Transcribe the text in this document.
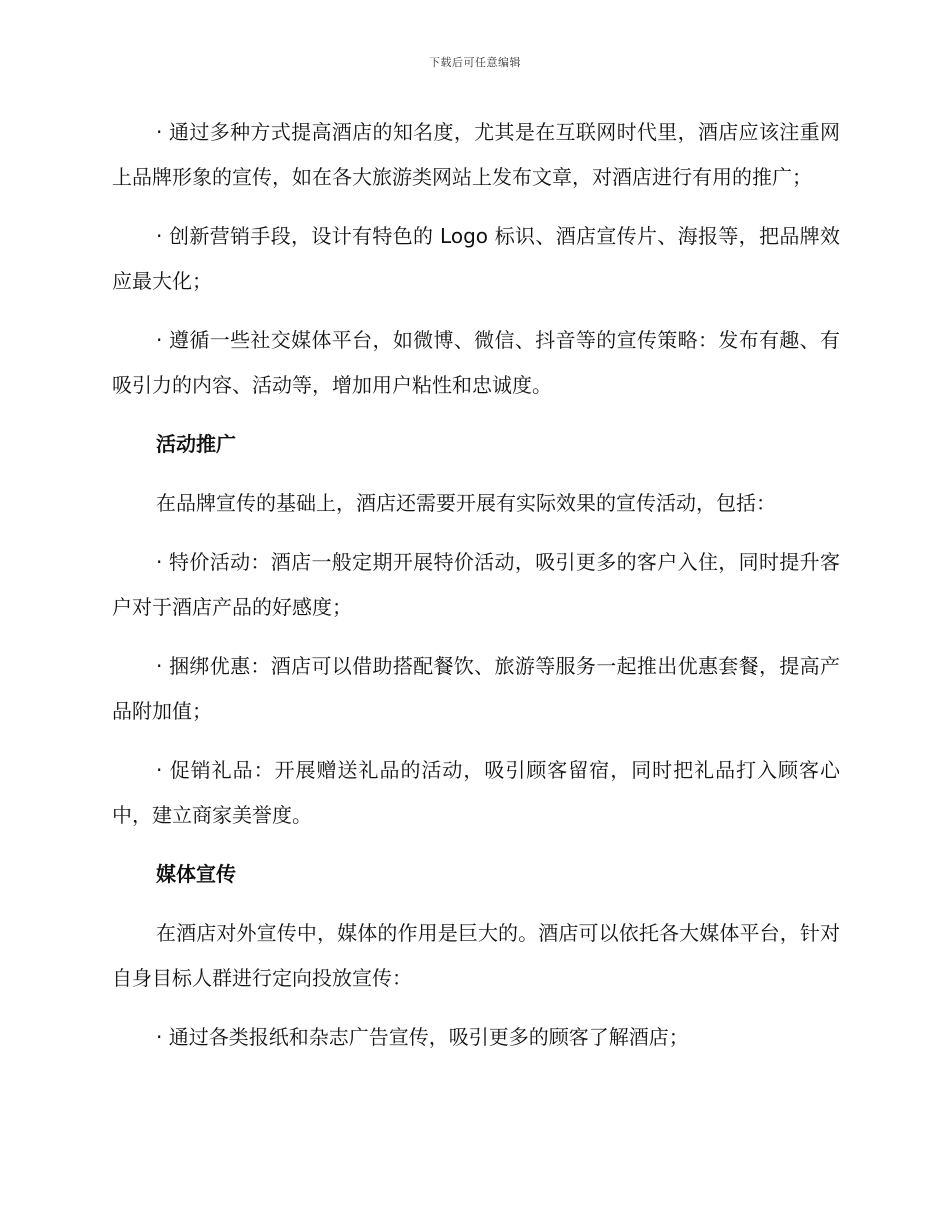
下载后可任意编辑

· 通过多种方式提高酒店的知名度，尤其是在互联网时代里，酒店应该注重网上品牌形象的宣传，如在各大旅游类网站上发布文章，对酒店进行有用的推广；

· 创新营销手段，设计有特色的 Logo 标识、酒店宣传片、海报等，把品牌效应最大化；

· 遵循一些社交媒体平台，如微博、微信、抖音等的宣传策略：发布有趣、有吸引力的内容、活动等，增加用户粘性和忠诚度。

活动推广

在品牌宣传的基础上，酒店还需要开展有实际效果的宣传活动，包括：

· 特价活动：酒店一般定期开展特价活动，吸引更多的客户入住，同时提升客户对于酒店产品的好感度；

· 捆绑优惠：酒店可以借助搭配餐饮、旅游等服务一起推出优惠套餐，提高产品附加值；

· 促销礼品：开展赠送礼品的活动，吸引顾客留宿，同时把礼品打入顾客心中，建立商家美誉度。

媒体宣传

在酒店对外宣传中，媒体的作用是巨大的。酒店可以依托各大媒体平台，针对自身目标人群进行定向投放宣传：

· 通过各类报纸和杂志广告宣传，吸引更多的顾客了解酒店；
